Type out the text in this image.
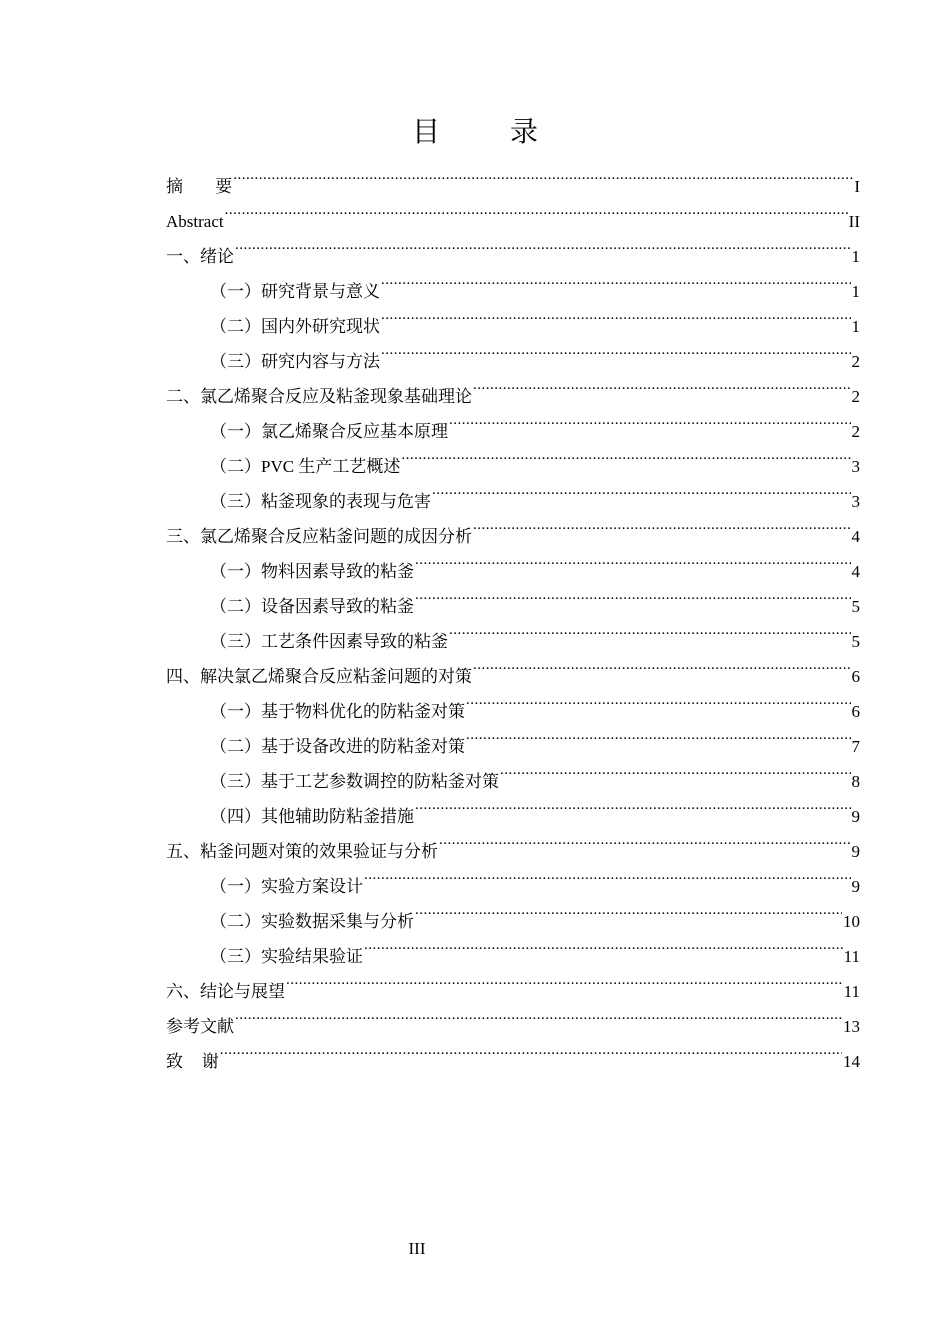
目	录
摘 要 .....	I
Abstract .....	II
一、绪论 .....	1
（一）研究背景与意义 .....	1
（二）国内外研究现状 .....	1
（三）研究内容与方法 .....	2
二、氯乙烯聚合反应及粘釜现象基础理论 .....	2
（一）氯乙烯聚合反应基本原理 .....	2
（二）PVC 生产工艺概述 .....	3
（三）粘釜现象的表现与危害 .....	3
三、氯乙烯聚合反应粘釜问题的成因分析 .....	4
（一）物料因素导致的粘釜 .....	4
（二）设备因素导致的粘釜 .....	5
（三）工艺条件因素导致的粘釜 .....	5
四、解决氯乙烯聚合反应粘釜问题的对策 .....	6
（一）基于物料优化的防粘釜对策 .....	6
（二）基于设备改进的防粘釜对策 .....	7
（三）基于工艺参数调控的防粘釜对策 .....	8
（四）其他辅助防粘釜措施 .....	9
五、粘釜问题对策的效果验证与分析 .....	9
（一）实验方案设计 .....	9
（二）实验数据采集与分析 .....	10
（三）实验结果验证 .....	11
六、结论与展望 .....	11
参考文献 .....	13
致 谢 .....	14
III
